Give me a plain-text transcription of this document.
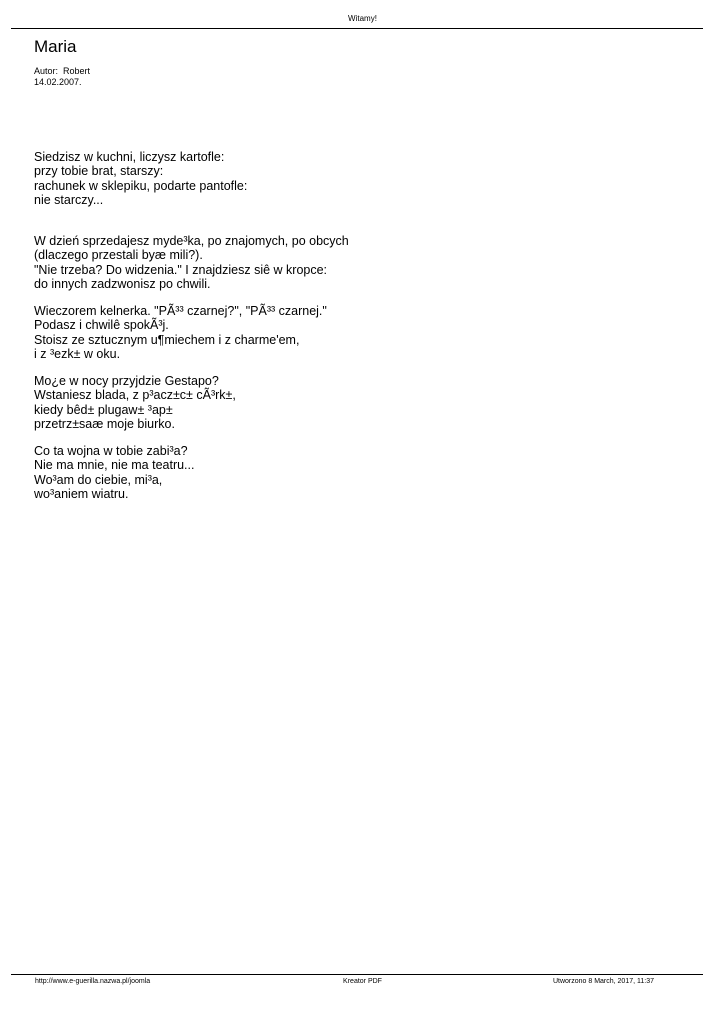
Witamy!
Maria
Autor:  Robert
14.02.2007.
Siedzisz w kuchni, liczysz kartofle:
przy tobie brat, starszy:
rachunek w sklepiku, podarte pantofle:
nie starczy...
W dzień sprzedajesz myde³ka, po znajomych, po obcych
(dlaczego przestali byæ mili?).
"Nie trzeba? Do widzenia." I znajdziesz siê w kropce:
do innych zadzwonisz po chwili.
Wieczorem kelnerka. "PÃ³³ czarnej?", "PÃ³³ czarnej."
Podasz i chwilê spokÃ³j.
Stoisz ze sztucznym u¶miechem i z charme'em,
i z ³ezk± w oku.
Mo¿e w nocy przyjdzie Gestapo?
Wstaniesz blada, z p³acz±c± cÃ³rk±,
kiedy bêd± plugaw± ³ap±
przetrz±saæ moje biurko.
Co ta wojna w tobie zabi³a?
Nie ma mnie, nie ma teatru...
Wo³am do ciebie, mi³a,
wo³aniem wiatru.
http://www.e-guerilla.nazwa.pl/joomla	Kreator PDF	Utworzono 8 March, 2017, 11:37
